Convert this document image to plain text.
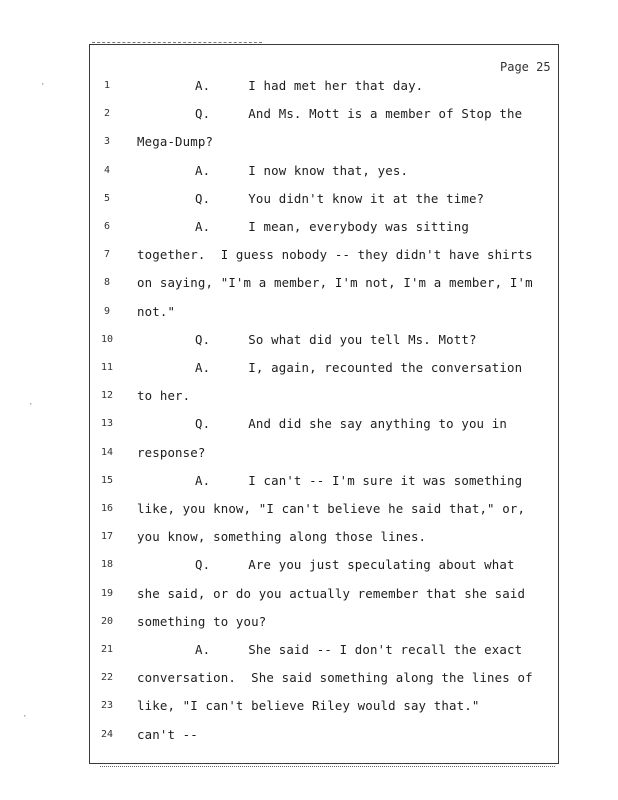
Page 25
·
·
·
1	A.     I had met her that day.
2	Q.     And Ms. Mott is a member of Stop the
3	Mega-Dump?
4	A.     I now know that, yes.
5	Q.     You didn't know it at the time?
6	A.     I mean, everybody was sitting
7	together.  I guess nobody -- they didn't have shirts
8	on saying, "I'm a member, I'm not, I'm a member, I'm
9	not."
10	Q.     So what did you tell Ms. Mott?
11	A.     I, again, recounted the conversation
12	to her.
13	Q.     And did she say anything to you in
14	response?
15	A.     I can't -- I'm sure it was something
16	like, you know, "I can't believe he said that," or,
17	you know, something along those lines.
18	Q.     Are you just speculating about what
19	she said, or do you actually remember that she said
20	something to you?
21	A.     She said -- I don't recall the exact
22	conversation.  She said something along the lines of
23	like, "I can't believe Riley would say that."
24	can't --
